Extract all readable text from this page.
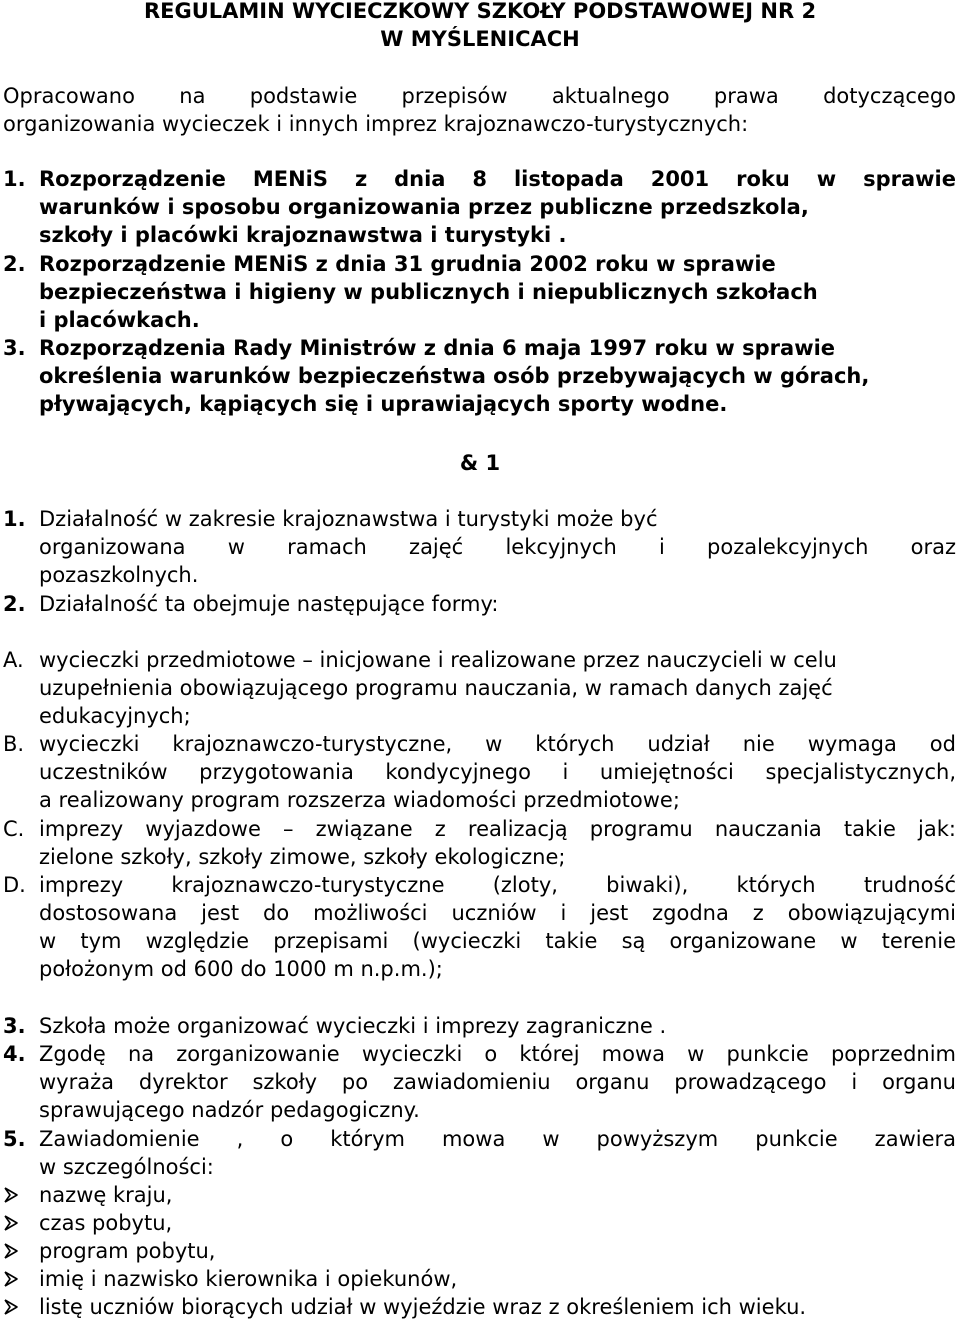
REGULAMIN WYCIECZKOWY SZKOŁY PODSTAWOWEJ NR 2
W MYŚLENICACH
Opracowano na podstawie przepisów aktualnego prawa dotyczącego
organizowania wycieczek i innych imprez krajoznawczo-turystycznych:
1. Rozporządzenie MENiS z dnia 8 listopada 2001 roku w sprawie
warunków i sposobu organizowania przez publiczne przedszkola,
szkoły i placówki krajoznawstwa i turystyki .
2. Rozporządzenie MENiS z dnia 31 grudnia 2002 roku w sprawie
bezpieczeństwa i higieny w publicznych i niepublicznych szkołach
i placówkach.
3. Rozporządzenia Rady Ministrów z dnia 6 maja 1997 roku w sprawie
określenia warunków bezpieczeństwa osób przebywających w górach,
pływających, kąpiących się i uprawiających sporty wodne.
& 1
1. Działalność w zakresie krajoznawstwa i turystyki może być
organizowana w ramach zajęć lekcyjnych i pozalekcyjnych oraz
pozaszkolnych.
2. Działalność ta obejmuje następujące formy:
A. wycieczki przedmiotowe – inicjowane i realizowane przez nauczycieli w celu
uzupełnienia obowiązującego programu nauczania, w ramach danych zajęć
edukacyjnych;
B. wycieczki krajoznawczo-turystyczne, w których udział nie wymaga od
uczestników przygotowania kondycyjnego i umiejętności specjalistycznych,
a realizowany program rozszerza wiadomości przedmiotowe;
C. imprezy wyjazdowe – związane z realizacją programu nauczania takie jak:
zielone szkoły, szkoły zimowe, szkoły ekologiczne;
D. imprezy krajoznawczo-turystyczne (zloty, biwaki), których trudność
dostosowana jest do możliwości uczniów i jest zgodna z obowiązującymi
w tym względzie przepisami (wycieczki takie są organizowane w terenie
położonym od 600 do 1000 m n.p.m.);
3. Szkoła może organizować wycieczki i imprezy zagraniczne .
4. Zgodę na zorganizowanie wycieczki o której mowa w punkcie poprzednim
wyraża dyrektor szkoły po zawiadomieniu organu prowadzącego i organu
sprawującego nadzór pedagogiczny.
5. Zawiadomienie , o którym mowa w powyższym punkcie zawiera
w szczególności:
nazwę kraju,
czas pobytu,
program pobytu,
imię i nazwisko kierownika i opiekunów,
listę uczniów biorących udział w wyjeździe wraz z określeniem ich wieku.
